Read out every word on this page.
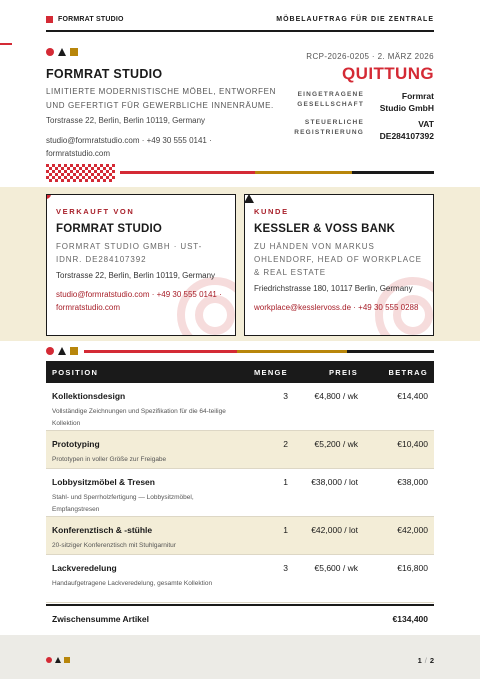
FORMRAT STUDIO	MÖBELAUFTRAG FÜR DIE ZENTRALE
FORMRAT STUDIO
LIMITIERTE MODERNISTISCHE MÖBEL, ENTWORFEN UND GEFERTIGT FÜR GEWERBLICHE INNENRÄUME.
Torstrasse 22, Berlin, Berlin 10119, Germany
studio@formratstudio.com · +49 30 555 0141 · formratstudio.com
RCP-2026-0205 · 2. MÄRZ 2026
QUITTUNG
EINGETRAGENE GESELLSCHAFT
Formrat Studio GmbH
STEUERLICHE REGISTRIERUNG
VAT DE284107392
VERKAUFT VON
FORMRAT STUDIO
FORMRAT STUDIO GMBH · UST-IDNR. DE284107392
Torstrasse 22, Berlin, Berlin 10119, Germany
studio@formratstudio.com · +49 30 555 0141 · formratstudio.com
KUNDE
KESSLER & VOSS BANK
ZU HÄNDEN VON MARKUS OHLENDORF, HEAD OF WORKPLACE & REAL ESTATE
Friedrichstrasse 180, 10117 Berlin, Germany
workplace@kesslervoss.de · +49 30 555 0288
POSITION	MENGE	PREIS	BETRAG
Kollektionsdesign
Vollständige Zeichnungen und Spezifikation für die 64-teilige Kollektion
3	€4,800 / wk	€14,400
Prototyping
Prototypen in voller Größe zur Freigabe
2	€5,200 / wk	€10,400
Lobbysitzmöbel & Tresen
Stahl- und Sperrholzfertigung — Lobbysitzmöbel, Empfangstresen
1	€38,000 / lot	€38,000
Konferenztisch & -stühle
20-sitziger Konferenztisch mit Stuhlgarnitur
1	€42,000 / lot	€42,000
Lackveredelung
Handaufgetragene Lackveredelung, gesamte Kollektion
3	€5,600 / wk	€16,800
Zwischensumme Artikel	€134,400
1 / 2
